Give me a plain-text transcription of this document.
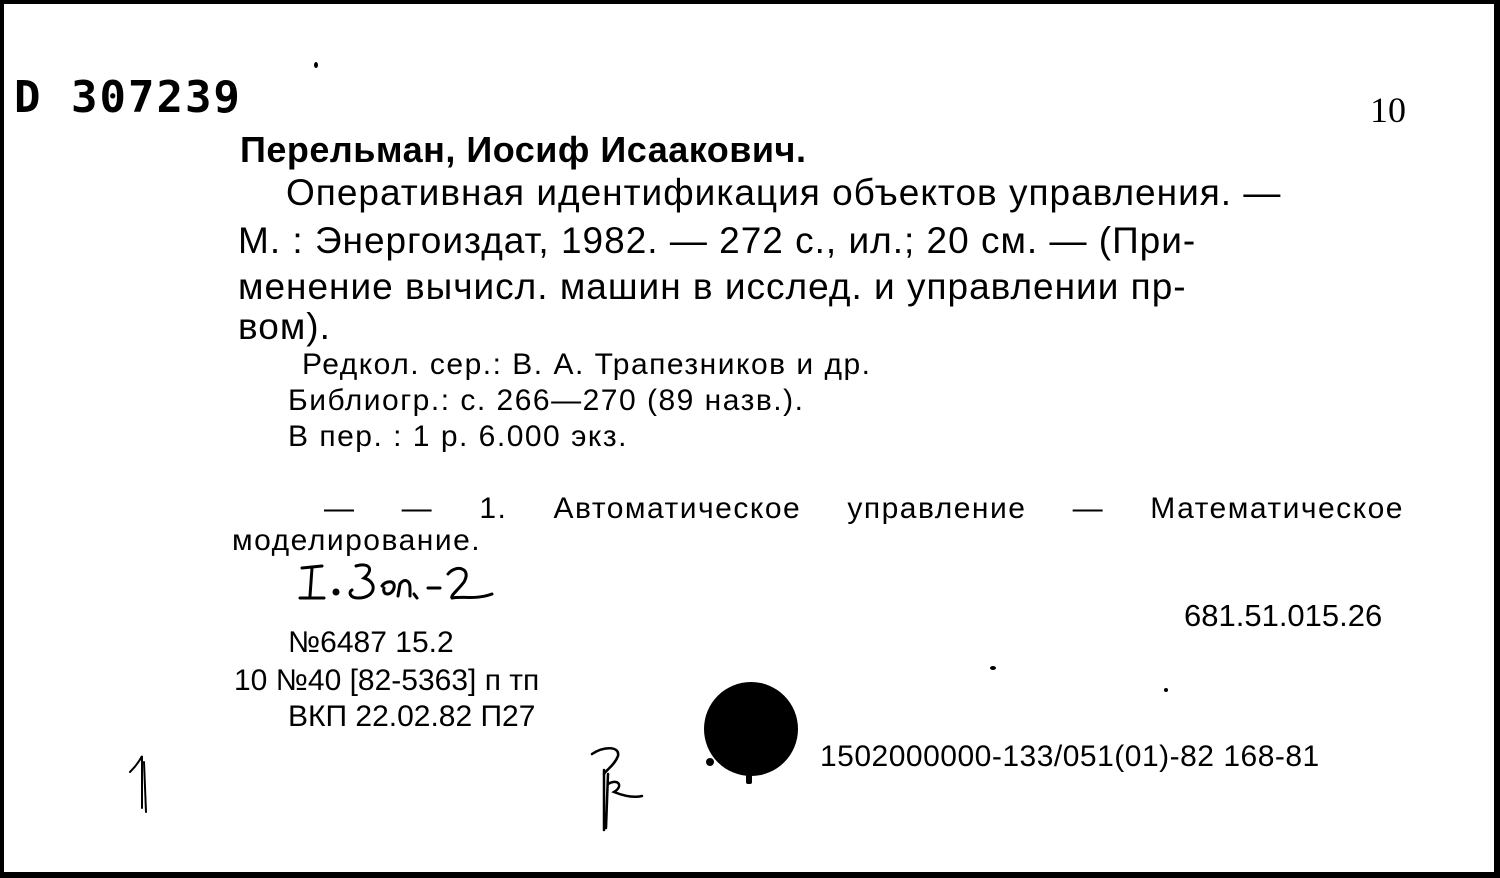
D 307239	10
Перельман, Иосиф Исаакович.
Оперативная идентификация объектов управления. —
М. : Энергоиздат, 1982. — 272 с., ил.; 20 см. — (При-
менение вычисл. машин в исслед. и управлении пр-
вом).
Редкол. сер.: В. А. Трапезников и др.
Библиогр.: с. 266—270 (89 назв.).
В пер. : 1 р. 6.000 экз.
— — 1. Автоматическое управление — Математическое
моделирование.
681.51.015.26
№6487 15.2
10 №40 [82-5363] п тп
ВКП 22.02.82 П27
1502000000-133/051(01)-82 168-81
